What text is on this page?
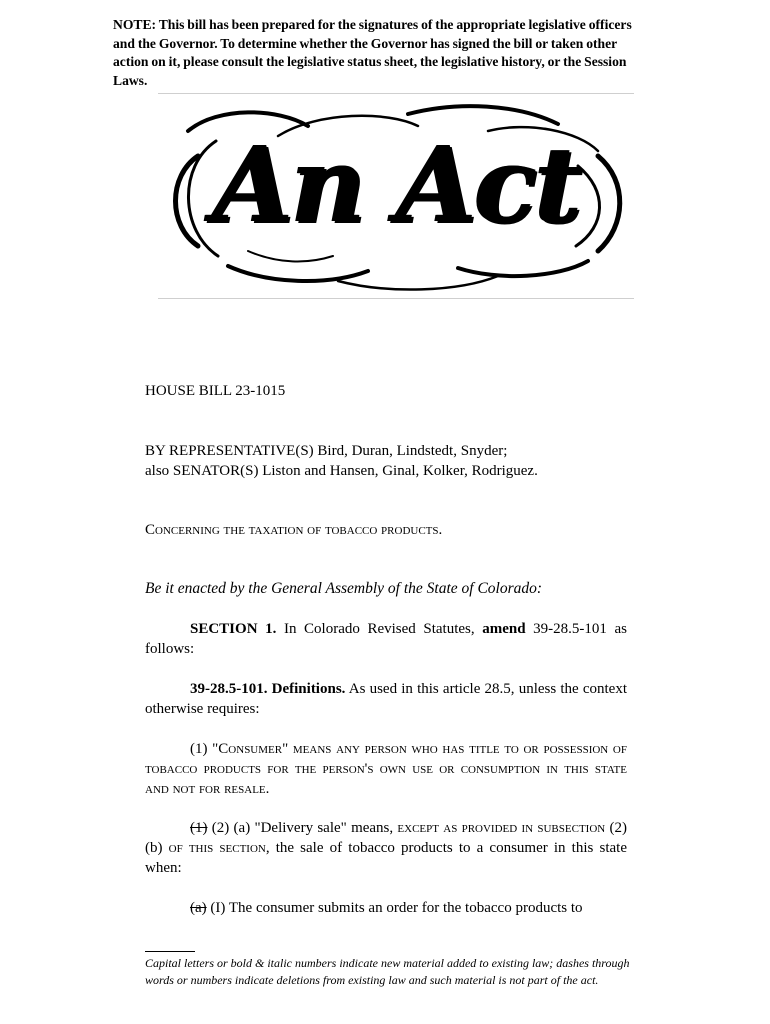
NOTE: This bill has been prepared for the signatures of the appropriate legislative officers and the Governor. To determine whether the Governor has signed the bill or taken other action on it, please consult the legislative status sheet, the legislative history, or the Session Laws.
An Act
HOUSE BILL 23-1015
BY REPRESENTATIVE(S) Bird, Duran, Lindstedt, Snyder;
also SENATOR(S) Liston and Hansen, Ginal, Kolker, Rodriguez.
Concerning the taxation of tobacco products.
Be it enacted by the General Assembly of the State of Colorado:
SECTION 1. In Colorado Revised Statutes, amend 39-28.5-101 as follows:
39-28.5-101. Definitions. As used in this article 28.5, unless the context otherwise requires:
(1) "Consumer" means any person who has title to or possession of tobacco products for the person's own use or consumption in this state and not for resale.
(1) (2) (a) "Delivery sale" means, except as provided in subsection (2)(b) of this section, the sale of tobacco products to a consumer in this state when:
(a) (I) The consumer submits an order for the tobacco products to
Capital letters or bold & italic numbers indicate new material added to existing law; dashes through words or numbers indicate deletions from existing law and such material is not part of the act.
